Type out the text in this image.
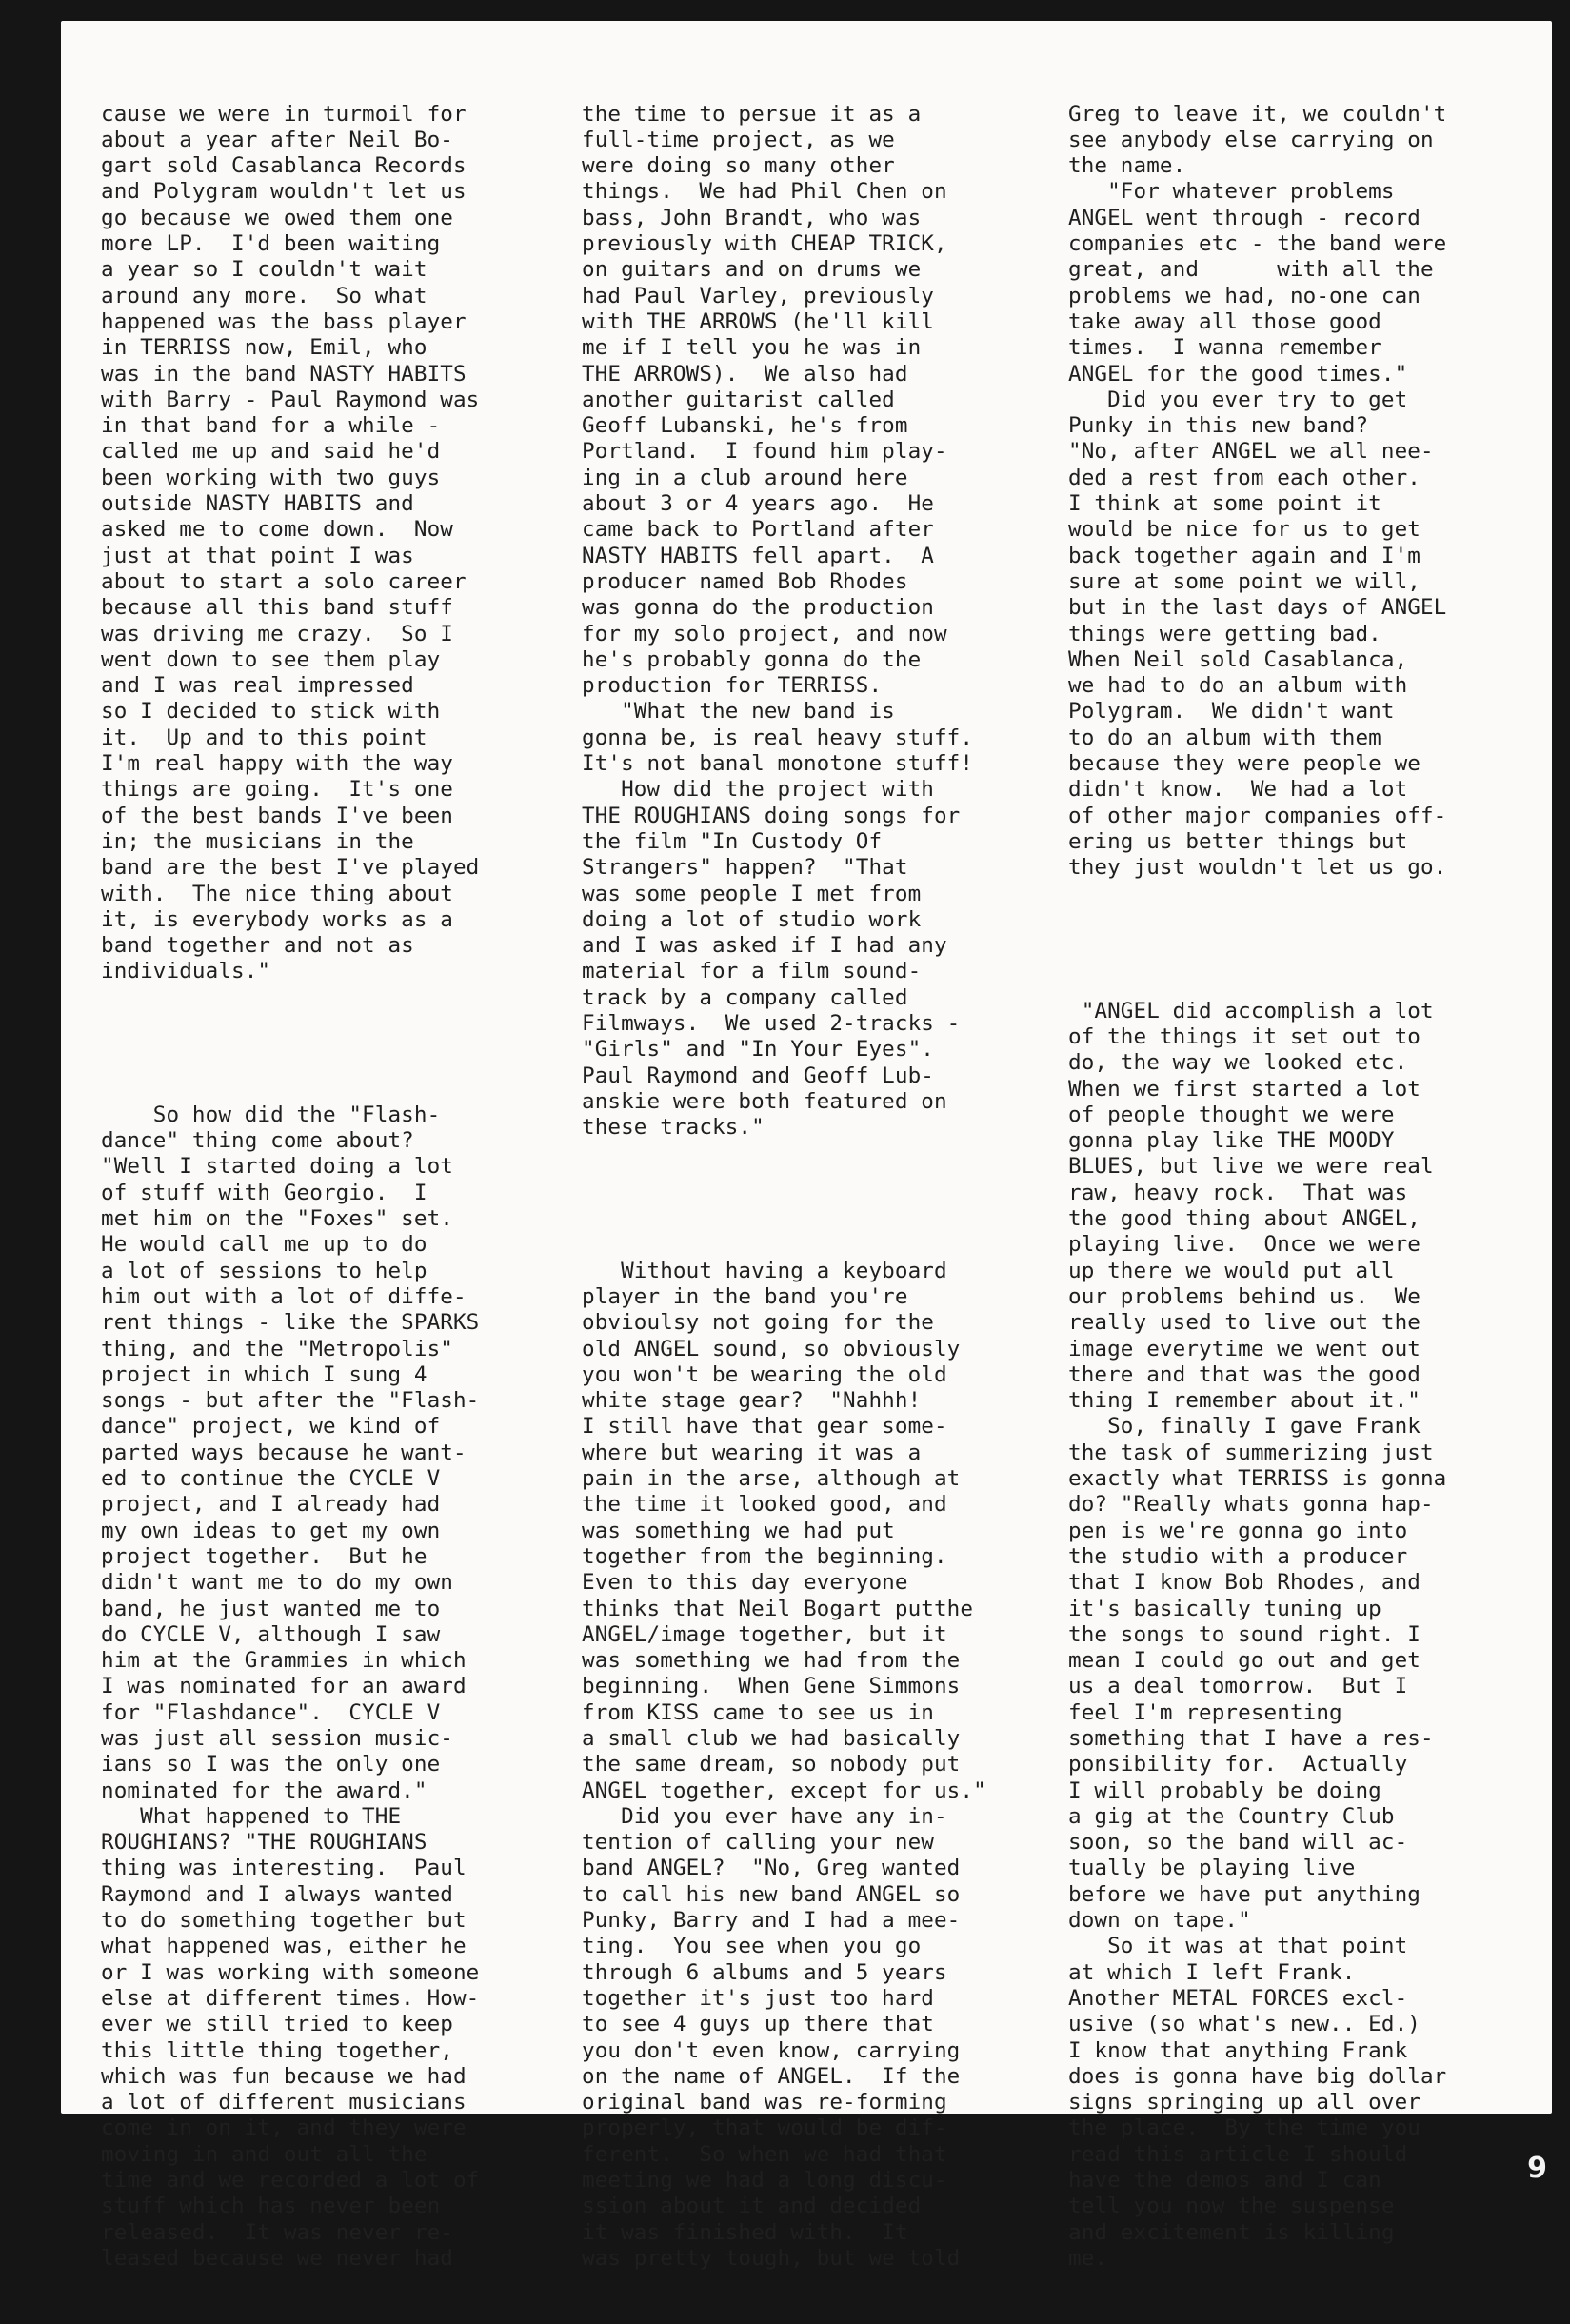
cause we were in turmoil for
about a year after Neil Bo-
gart sold Casablanca Records
and Polygram wouldn't let us
go because we owed them one
more LP.  I'd been waiting
a year so I couldn't wait
around any more.  So what
happened was the bass player
in TERRISS now, Emil, who
was in the band NASTY HABITS
with Barry - Paul Raymond was
in that band for a while -
called me up and said he'd
been working with two guys
outside NASTY HABITS and
asked me to come down.  Now
just at that point I was
about to start a solo career
because all this band stuff
was driving me crazy.  So I
went down to see them play
and I was real impressed
so I decided to stick with
it.  Up and to this point
I'm real happy with the way
things are going.  It's one
of the best bands I've been
in; the musicians in the
band are the best I've played
with.  The nice thing about
it, is everybody works as a
band together and not as
individuals."

So how did the "Flash-
dance" thing come about?
"Well I started doing a lot
of stuff with Georgio.  I
met him on the "Foxes" set.
He would call me up to do
a lot of sessions to help
him out with a lot of diffe-
rent things - like the SPARKS
thing, and the "Metropolis"
project in which I sung 4
songs - but after the "Flash-
dance" project, we kind of
parted ways because he want-
ed to continue the CYCLE V
project, and I already had
my own ideas to get my own
project together.  But he
didn't want me to do my own
band, he just wanted me to
do CYCLE V, although I saw
him at the Grammies in which
I was nominated for an award
for "Flashdance".  CYCLE V
was just all session music-
ians so I was the only one
nominated for the award."
What happened to THE
ROUGHIANS? "THE ROUGHIANS
thing was interesting.  Paul
Raymond and I always wanted
to do something together but
what happened was, either he
or I was working with someone
else at different times. How-
ever we still tried to keep
this little thing together,
which was fun because we had
a lot of different musicians
come in on it, and they were
moving in and out all the
time and we recorded a lot of
stuff which has never been
released.  It was never re-
leased because we never had

the time to persue it as a
full-time project, as we
were doing so many other
things.  We had Phil Chen on
bass, John Brandt, who was
previously with CHEAP TRICK,
on guitars and on drums we
had Paul Varley, previously
with THE ARROWS (he'll kill
me if I tell you he was in
THE ARROWS).  We also had
another guitarist called
Geoff Lubanski, he's from
Portland.  I found him play-
ing in a club around here
about 3 or 4 years ago.  He
came back to Portland after
NASTY HABITS fell apart.  A
producer named Bob Rhodes
was gonna do the production
for my solo project, and now
he's probably gonna do the
production for TERRISS.
"What the new band is
gonna be, is real heavy stuff.
It's not banal monotone stuff!
How did the project with
THE ROUGHIANS doing songs for
the film "In Custody Of
Strangers" happen?  "That
was some people I met from
doing a lot of studio work
and I was asked if I had any
material for a film sound-
track by a company called
Filmways.  We used 2-tracks -
"Girls" and "In Your Eyes".
Paul Raymond and Geoff Lub-
anskie were both featured on
these tracks."

Without having a keyboard
player in the band you're
obvioulsy not going for the
old ANGEL sound, so obviously
you won't be wearing the old
white stage gear?  "Nahhh!
I still have that gear some-
where but wearing it was a
pain in the arse, although at
the time it looked good, and
was something we had put
together from the beginning.
Even to this day everyone
thinks that Neil Bogart putthe
ANGEL/image together, but it
was something we had from the
beginning.  When Gene Simmons
from KISS came to see us in
a small club we had basically
the same dream, so nobody put
ANGEL together, except for us."
Did you ever have any in-
tention of calling your new
band ANGEL?  "No, Greg wanted
to call his new band ANGEL so
Punky, Barry and I had a mee-
ting.  You see when you go
through 6 albums and 5 years
together it's just too hard
to see 4 guys up there that
you don't even know, carrying
on the name of ANGEL.  If the
original band was re-forming
properly, that would be dif-
ferent.  So when we had that
meeting we had a long discu-
ssion about it and decided
it was finished with.  It
was pretty tough, but we told

Greg to leave it, we couldn't
see anybody else carrying on
the name.
"For whatever problems
ANGEL went through - record
companies etc - the band were
great, and      with all the
problems we had, no-one can
take away all those good
times.  I wanna remember
ANGEL for the good times."
Did you ever try to get
Punky in this new band?
"No, after ANGEL we all nee-
ded a rest from each other.
I think at some point it
would be nice for us to get
back together again and I'm
sure at some point we will,
but in the last days of ANGEL
things were getting bad.
When Neil sold Casablanca,
we had to do an album with
Polygram.  We didn't want
to do an album with them
because they were people we
didn't know.  We had a lot
of other major companies off-
ering us better things but
they just wouldn't let us go.

"ANGEL did accomplish a lot
of the things it set out to
do, the way we looked etc.
When we first started a lot
of people thought we were
gonna play like THE MOODY
BLUES, but live we were real
raw, heavy rock.  That was
the good thing about ANGEL,
playing live.  Once we were
up there we would put all
our problems behind us.  We
really used to live out the
image everytime we went out
there and that was the good
thing I remember about it."
So, finally I gave Frank
the task of summerizing just
exactly what TERRISS is gonna
do? "Really whats gonna hap-
pen is we're gonna go into
the studio with a producer
that I know Bob Rhodes, and
it's basically tuning up
the songs to sound right. I
mean I could go out and get
us a deal tomorrow.  But I
feel I'm representing
something that I have a res-
ponsibility for.  Actually
I will probably be doing
a gig at the Country Club
soon, so the band will ac-
tually be playing live
before we have put anything
down on tape."
So it was at that point
at which I left Frank.
Another METAL FORCES excl-
usive (so what's new.. Ed.)
I know that anything Frank
does is gonna have big dollar
signs springing up all over
the place.  By the time you
read this article I should
have the demos and I can
tell you now the suspense
and excitement is killing
me.

9
